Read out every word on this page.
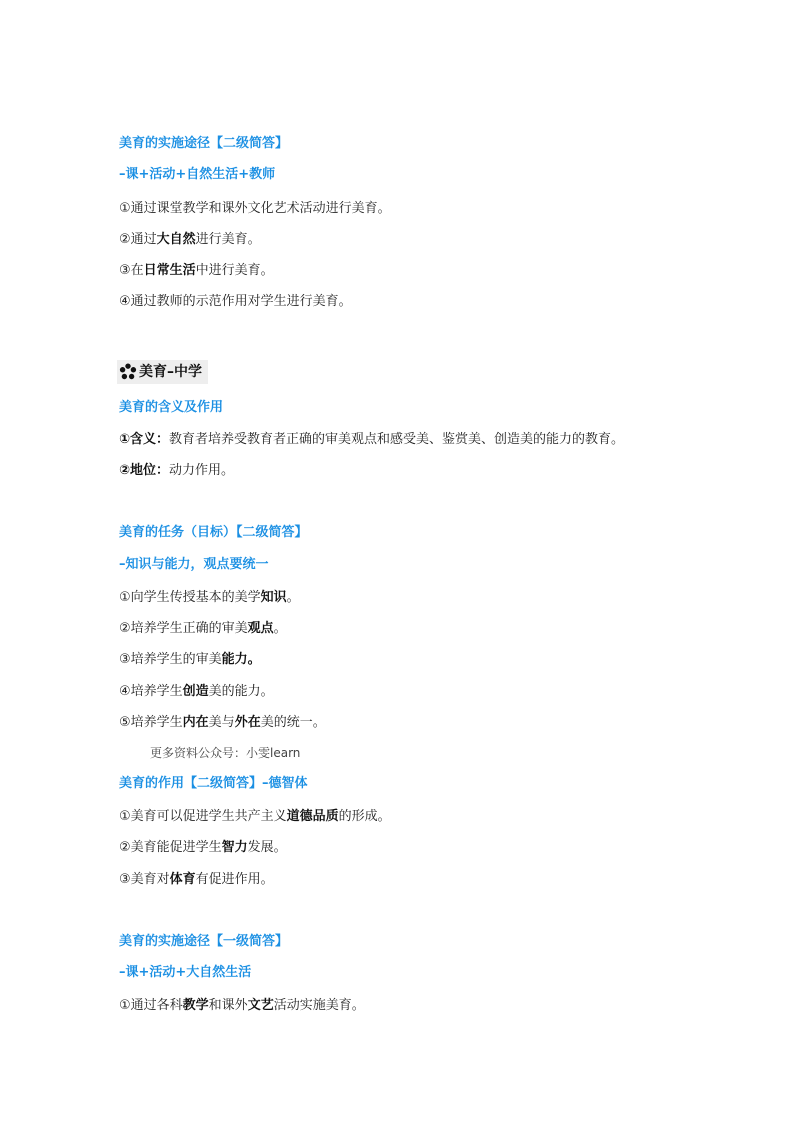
美育的实施途径【二级简答】
–课+活动+自然生活+教师
①通过课堂教学和课外文化艺术活动进行美育。
②通过大自然进行美育。
③在日常生活中进行美育。
④通过教师的示范作用对学生进行美育。
美育–中学
美育的含义及作用
①含义：教育者培养受教育者正确的审美观点和感受美、鉴赏美、创造美的能力的教育。
②地位：动力作用。
美育的任务（目标）【二级简答】
–知识与能力，观点要统一
①向学生传授基本的美学知识。
②培养学生正确的审美观点。
③培养学生的审美能力。
④培养学生创造美的能力。
⑤培养学生内在美与外在美的统一。
更多资料公众号：小雯learn
美育的作用【二级简答】–德智体
①美育可以促进学生共产主义道德品质的形成。
②美育能促进学生智力发展。
③美育对体育有促进作用。
美育的实施途径【一级简答】
–课+活动+大自然生活
①通过各科教学和课外文艺活动实施美育。
